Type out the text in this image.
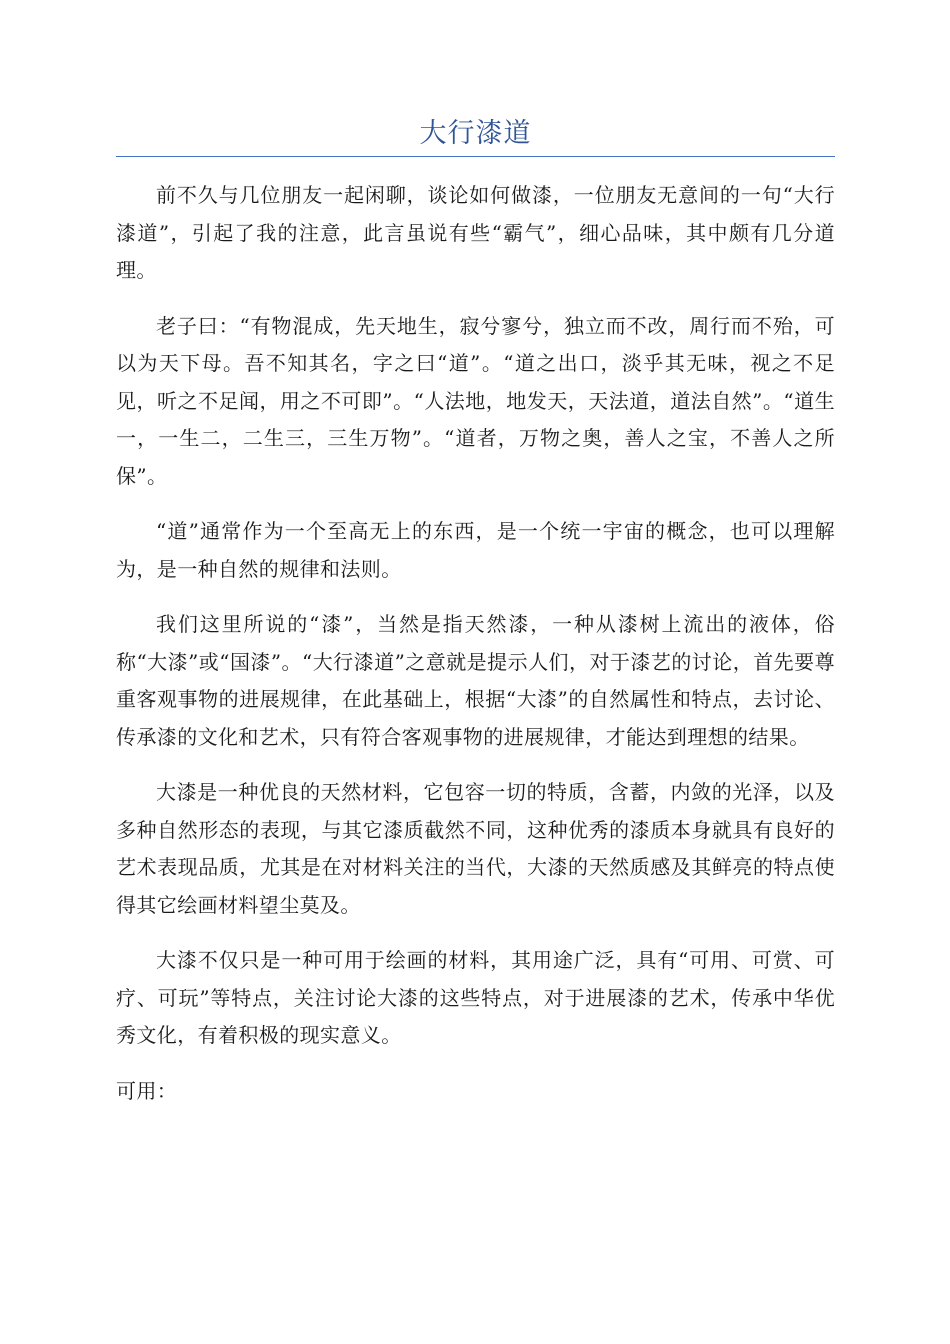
大行漆道

前不久与几位朋友一起闲聊，谈论如何做漆，一位朋友无意间的一句“大行漆道”，引起了我的注意，此言虽说有些“霸气”，细心品味，其中颇有几分道理。

老子曰：“有物混成，先天地生，寂兮寥兮，独立而不改，周行而不殆，可以为天下母。吾不知其名，字之曰“道”。“道之出口，淡乎其无味，视之不足见，听之不足闻，用之不可即”。“人法地，地发天，天法道，道法自然”。“道生一，一生二，二生三，三生万物”。“道者，万物之奥，善人之宝，不善人之所保”。

“道”通常作为一个至高无上的东西，是一个统一宇宙的概念，也可以理解为，是一种自然的规律和法则。

我们这里所说的“漆”，当然是指天然漆，一种从漆树上流出的液体，俗称“大漆”或“国漆”。“大行漆道”之意就是提示人们，对于漆艺的讨论，首先要尊重客观事物的进展规律，在此基础上，根据“大漆”的自然属性和特点，去讨论、传承漆的文化和艺术，只有符合客观事物的进展规律，才能达到理想的结果。

大漆是一种优良的天然材料，它包容一切的特质，含蓄，内敛的光泽，以及多种自然形态的表现，与其它漆质截然不同，这种优秀的漆质本身就具有良好的艺术表现品质，尤其是在对材料关注的当代，大漆的天然质感及其鲜亮的特点使得其它绘画材料望尘莫及。

大漆不仅只是一种可用于绘画的材料，其用途广泛，具有“可用、可赏、可疗、可玩”等特点，关注讨论大漆的这些特点，对于进展漆的艺术，传承中华优秀文化，有着积极的现实意义。

可用：
